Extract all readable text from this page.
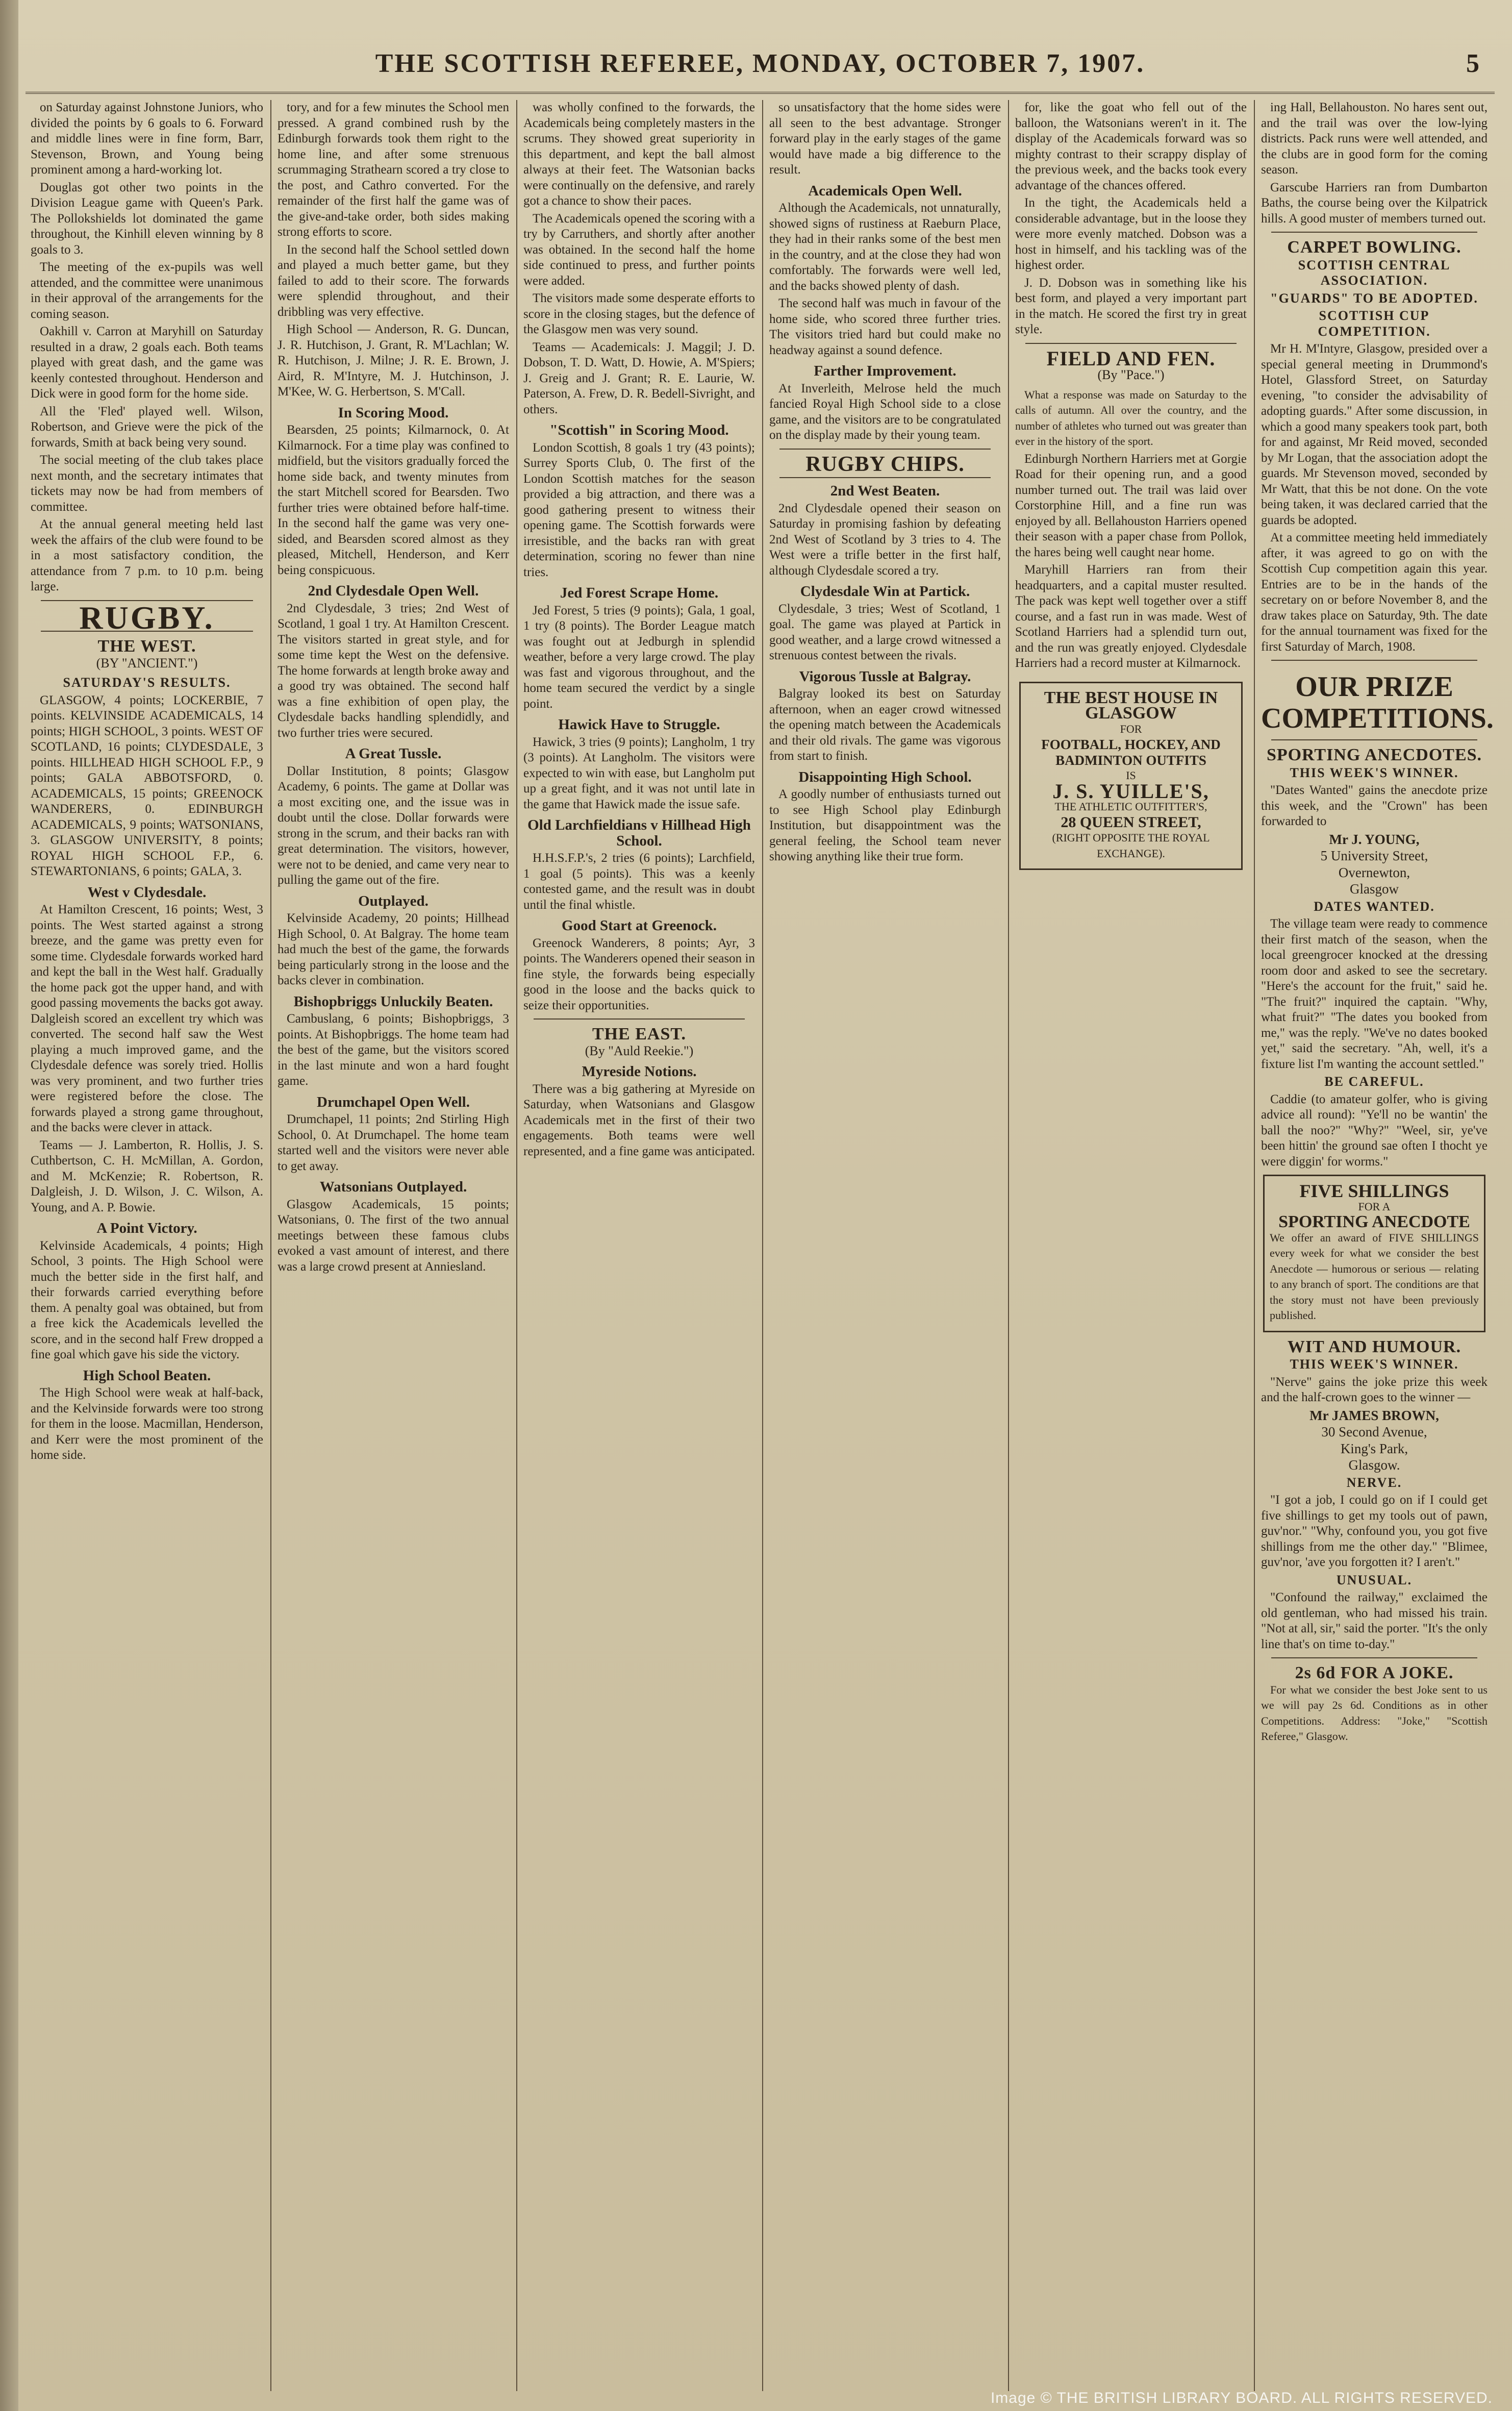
THE SCOTTISH REFEREE, MONDAY, OCTOBER 7, 1907.	5

on Saturday against Johnstone Juniors, who divided the points by 6 goals to 6. Forward and middle lines were in fine form, Barr, Stevenson, Brown, and Young being prominent among a hard-working lot.

Douglas got other two points in the Division League game with Queen's Park. The Pollokshields lot dominated the game throughout, the Kinhill eleven winning by 8 goals to 3.

The meeting of the ex-pupils was well attended, and the committee were unanimous in their approval of the arrangements for the coming season.

Oakhill v. Carron at Maryhill on Saturday resulted in a draw, 2 goals each. Both teams played with great dash, and the game was keenly contested throughout. Henderson and Dick were in good form for the home side.

All the 'Fled' played well. Wilson, Robertson, and Grieve were the pick of the forwards, Smith at back being very sound.

The social meeting of the club takes place next month, and the secretary intimates that tickets may now be had from members of committee.

At the annual general meeting held last week the affairs of the club were found to be in a most satisfactory condition, the attendance from 7 p.m. to 10 p.m. being large.

RUGBY.
THE WEST.
(BY "ANCIENT.")
SATURDAY'S RESULTS.

GLASGOW, 4 points; LOCKERBIE, 7 points. KELVINSIDE ACADEMICALS, 14 points; HIGH SCHOOL, 3 points. WEST OF SCOTLAND, 16 points; CLYDESDALE, 3 points. HILLHEAD HIGH SCHOOL F.P., 9 points; GALA ABBOTSFORD, 0. ACADEMICALS, 15 points; GREENOCK WANDERERS, 0. EDINBURGH ACADEMICALS, 9 points; WATSONIANS, 3. GLASGOW UNIVERSITY, 8 points; ROYAL HIGH SCHOOL F.P., 6. STEWARTONIANS, 6 points; GALA, 3.

West v Clydesdale.

At Hamilton Crescent, 16 points; West, 3 points. The West started against a strong breeze, and the game was pretty even for some time. Clydesdale forwards worked hard and kept the ball in the West half. Gradually the home pack got the upper hand, and with good passing movements the backs got away. Dalgleish scored an excellent try which was converted. The second half saw the West playing a much improved game, and the Clydesdale defence was sorely tried. Hollis was very prominent, and two further tries were registered before the close. The forwards played a strong game throughout, and the backs were clever in attack.

Teams — J. Lamberton, R. Hollis, J. S. Cuthbertson, C. H. McMillan, A. Gordon, and M. McKenzie; R. Robertson, R. Dalgleish, J. D. Wilson, J. C. Wilson, A. Young, and A. P. Bowie.

A Point Victory.

Kelvinside Academicals, 4 points; High School, 3 points. The High School were much the better side in the first half, and their forwards carried everything before them. A penalty goal was obtained, but from a free kick the Academicals levelled the score, and in the second half Frew dropped a fine goal which gave his side the victory.

High School Beaten.

The High School were weak at half-back, and the Kelvinside forwards were too strong for them in the loose. Macmillan, Henderson, and Kerr were the most prominent of the home side.

tory, and for a few minutes the School men pressed. A grand combined rush by the Edinburgh forwards took them right to the home line, and after some strenuous scrummaging Strathearn scored a try close to the post, and Cathro converted. For the remainder of the first half the game was of the give-and-take order, both sides making strong efforts to score.

In the second half the School settled down and played a much better game, but they failed to add to their score. The forwards were splendid throughout, and their dribbling was very effective.

High School — Anderson, R. G. Duncan, J. R. Hutchison, J. Grant, R. M'Lachlan; W. R. Hutchison, J. Milne; J. R. E. Brown, J. Aird, R. M'Intyre, M. J. Hutchinson, J. M'Kee, W. G. Herbertson, S. M'Call.

In Scoring Mood.

Bearsden, 25 points; Kilmarnock, 0. At Kilmarnock. For a time play was confined to midfield, but the visitors gradually forced the home side back, and twenty minutes from the start Mitchell scored for Bearsden. Two further tries were obtained before half-time. In the second half the game was very one-sided, and Bearsden scored almost as they pleased, Mitchell, Henderson, and Kerr being conspicuous.

2nd Clydesdale Open Well.

2nd Clydesdale, 3 tries; 2nd West of Scotland, 1 goal 1 try. At Hamilton Crescent. The visitors started in great style, and for some time kept the West on the defensive. The home forwards at length broke away and a good try was obtained. The second half was a fine exhibition of open play, the Clydesdale backs handling splendidly, and two further tries were secured.

A Great Tussle.

Dollar Institution, 8 points; Glasgow Academy, 6 points. The game at Dollar was a most exciting one, and the issue was in doubt until the close. Dollar forwards were strong in the scrum, and their backs ran with great determination. The visitors, however, were not to be denied, and came very near to pulling the game out of the fire.

Outplayed.

Kelvinside Academy, 20 points; Hillhead High School, 0. At Balgray. The home team had much the best of the game, the forwards being particularly strong in the loose and the backs clever in combination.

Bishopbriggs Unluckily Beaten.

Cambuslang, 6 points; Bishopbriggs, 3 points. At Bishopbriggs. The home team had the best of the game, but the visitors scored in the last minute and won a hard fought game.

Drumchapel Open Well.

Drumchapel, 11 points; 2nd Stirling High School, 0. At Drumchapel. The home team started well and the visitors were never able to get away.

Watsonians Outplayed.

Glasgow Academicals, 15 points; Watsonians, 0. The first of the two annual meetings between these famous clubs evoked a vast amount of interest, and there was a large crowd present at Anniesland.

was wholly confined to the forwards, the Academicals being completely masters in the scrums. They showed great superiority in this department, and kept the ball almost always at their feet. The Watsonian backs were continually on the defensive, and rarely got a chance to show their paces.

The Academicals opened the scoring with a try by Carruthers, and shortly after another was obtained. In the second half the home side continued to press, and further points were added.

The visitors made some desperate efforts to score in the closing stages, but the defence of the Glasgow men was very sound.

Teams — Academicals: J. Maggil; J. D. Dobson, T. D. Watt, D. Howie, A. M'Spiers; J. Greig and J. Grant; R. E. Laurie, W. Paterson, A. Frew, D. R. Bedell-Sivright, and others.

"Scottish" in Scoring Mood.

London Scottish, 8 goals 1 try (43 points); Surrey Sports Club, 0. The first of the London Scottish matches for the season provided a big attraction, and there was a good gathering present to witness their opening game. The Scottish forwards were irresistible, and the backs ran with great determination, scoring no fewer than nine tries.

Jed Forest Scrape Home.

Jed Forest, 5 tries (9 points); Gala, 1 goal, 1 try (8 points). The Border League match was fought out at Jedburgh in splendid weather, before a very large crowd. The play was fast and vigorous throughout, and the home team secured the verdict by a single point.

Hawick Have to Struggle.

Hawick, 3 tries (9 points); Langholm, 1 try (3 points). At Langholm. The visitors were expected to win with ease, but Langholm put up a great fight, and it was not until late in the game that Hawick made the issue safe.

Old Larchfieldians v Hillhead High School.

H.H.S.F.P.'s, 2 tries (6 points); Larchfield, 1 goal (5 points). This was a keenly contested game, and the result was in doubt until the final whistle.

Good Start at Greenock.

Greenock Wanderers, 8 points; Ayr, 3 points. The Wanderers opened their season in fine style, the forwards being especially good in the loose and the backs quick to seize their opportunities.

THE EAST.
(By "Auld Reekie.")
Myreside Notions.

There was a big gathering at Myreside on Saturday, when Watsonians and Glasgow Academicals met in the first of their two engagements. Both teams were well represented, and a fine game was anticipated.

so unsatisfactory that the home sides were all seen to the best advantage. Stronger forward play in the early stages of the game would have made a big difference to the result.

Academicals Open Well.

Although the Academicals, not unnaturally, showed signs of rustiness at Raeburn Place, they had in their ranks some of the best men in the country, and at the close they had won comfortably. The forwards were well led, and the backs showed plenty of dash.

The second half was much in favour of the home side, who scored three further tries. The visitors tried hard but could make no headway against a sound defence.

Farther Improvement.

At Inverleith, Melrose held the much fancied Royal High School side to a close game, and the visitors are to be congratulated on the display made by their young team.

RUGBY CHIPS.
2nd West Beaten.

2nd Clydesdale opened their season on Saturday in promising fashion by defeating 2nd West of Scotland by 3 tries to 4. The West were a trifle better in the first half, although Clydesdale scored a try.

Clydesdale Win at Partick.

Clydesdale, 3 tries; West of Scotland, 1 goal. The game was played at Partick in good weather, and a large crowd witnessed a strenuous contest between the rivals.

Vigorous Tussle at Balgray.

Balgray looked its best on Saturday afternoon, when an eager crowd witnessed the opening match between the Academicals and their old rivals. The game was vigorous from start to finish.

Disappointing High School.

A goodly number of enthusiasts turned out to see High School play Edinburgh Institution, but disappointment was the general feeling, the School team never showing anything like their true form.

for, like the goat who fell out of the balloon, the Watsonians weren't in it. The display of the Academicals forward was so mighty contrast to their scrappy display of the previous week, and the backs took every advantage of the chances offered.

In the tight, the Academicals held a considerable advantage, but in the loose they were more evenly matched. Dobson was a host in himself, and his tackling was of the highest order.

J. D. Dobson was in something like his best form, and played a very important part in the match. He scored the first try in great style.

FIELD AND FEN.
(By "Pace.")

What a response was made on Saturday to the calls of autumn. All over the country, and the number of athletes who turned out was greater than ever in the history of the sport.

Edinburgh Northern Harriers met at Gorgie Road for their opening run, and a good number turned out. The trail was laid over Corstorphine Hill, and a fine run was enjoyed by all. Bellahouston Harriers opened their season with a paper chase from Pollok, the hares being well caught near home.

Maryhill Harriers ran from their headquarters, and a capital muster resulted. The pack was kept well together over a stiff course, and a fast run in was made. West of Scotland Harriers had a splendid turn out, and the run was greatly enjoyed. Clydesdale Harriers had a record muster at Kilmarnock.

THE BEST HOUSE IN GLASGOW
FOR
FOOTBALL, HOCKEY, AND BADMINTON OUTFITS
IS
J. S. YUILLE'S,
THE ATHLETIC OUTFITTER'S,
28 QUEEN STREET,
(RIGHT OPPOSITE THE ROYAL EXCHANGE).

ing Hall, Bellahouston. No hares sent out, and the trail was over the low-lying districts. Pack runs were well attended, and the clubs are in good form for the coming season.

Garscube Harriers ran from Dumbarton Baths, the course being over the Kilpatrick hills. A good muster of members turned out.

CARPET BOWLING.
SCOTTISH CENTRAL ASSOCIATION.
"GUARDS" TO BE ADOPTED.
SCOTTISH CUP COMPETITION.

Mr H. M'Intyre, Glasgow, presided over a special general meeting in Drummond's Hotel, Glassford Street, on Saturday evening, "to consider the advisability of adopting guards." After some discussion, in which a good many speakers took part, both for and against, Mr Reid moved, seconded by Mr Logan, that the association adopt the guards. Mr Stevenson moved, seconded by Mr Watt, that this be not done. On the vote being taken, it was declared carried that the guards be adopted.

At a committee meeting held immediately after, it was agreed to go on with the Scottish Cup competition again this year. Entries are to be in the hands of the secretary on or before November 8, and the draw takes place on Saturday, 9th. The date for the annual tournament was fixed for the first Saturday of March, 1908.

OUR PRIZE COMPETITIONS.
SPORTING ANECDOTES.
THIS WEEK'S WINNER.

"Dates Wanted" gains the anecdote prize this week, and the "Crown" has been forwarded to

Mr J. YOUNG,
5 University Street,
Overnewton,
Glasgow
DATES WANTED.

The village team were ready to commence their first match of the season, when the local greengrocer knocked at the dressing room door and asked to see the secretary. "Here's the account for the fruit," said he. "The fruit?" inquired the captain. "Why, what fruit?" "The dates you booked from me," was the reply. "We've no dates booked yet," said the secretary. "Ah, well, it's a fixture list I'm wanting the account settled."

BE CAREFUL.

Caddie (to amateur golfer, who is giving advice all round): "Ye'll no be wantin' the ball the noo?" "Why?" "Weel, sir, ye've been hittin' the ground sae often I thocht ye were diggin' for worms."

FIVE SHILLINGS
FOR A
SPORTING ANECDOTE
We offer an award of FIVE SHILLINGS every week for what we consider the best Anecdote — humorous or serious — relating to any branch of sport. The conditions are that the story must not have been previously published.
WIT AND HUMOUR.
THIS WEEK'S WINNER.

"Nerve" gains the joke prize this week and the half-crown goes to the winner —

Mr JAMES BROWN,
30 Second Avenue,
King's Park,
Glasgow.
NERVE.

"I got a job, I could go on if I could get five shillings to get my tools out of pawn, guv'nor." "Why, confound you, you got five shillings from me the other day." "Blimee, guv'nor, 'ave you forgotten it? I aren't."

UNUSUAL.

"Confound the railway," exclaimed the old gentleman, who had missed his train. "Not at all, sir," said the porter. "It's the only line that's on time to-day."

2s 6d FOR A JOKE.

For what we consider the best Joke sent to us we will pay 2s 6d. Conditions as in other Competitions. Address: "Joke," "Scottish Referee," Glasgow.

Image © THE BRITISH LIBRARY BOARD. ALL RIGHTS RESERVED.
